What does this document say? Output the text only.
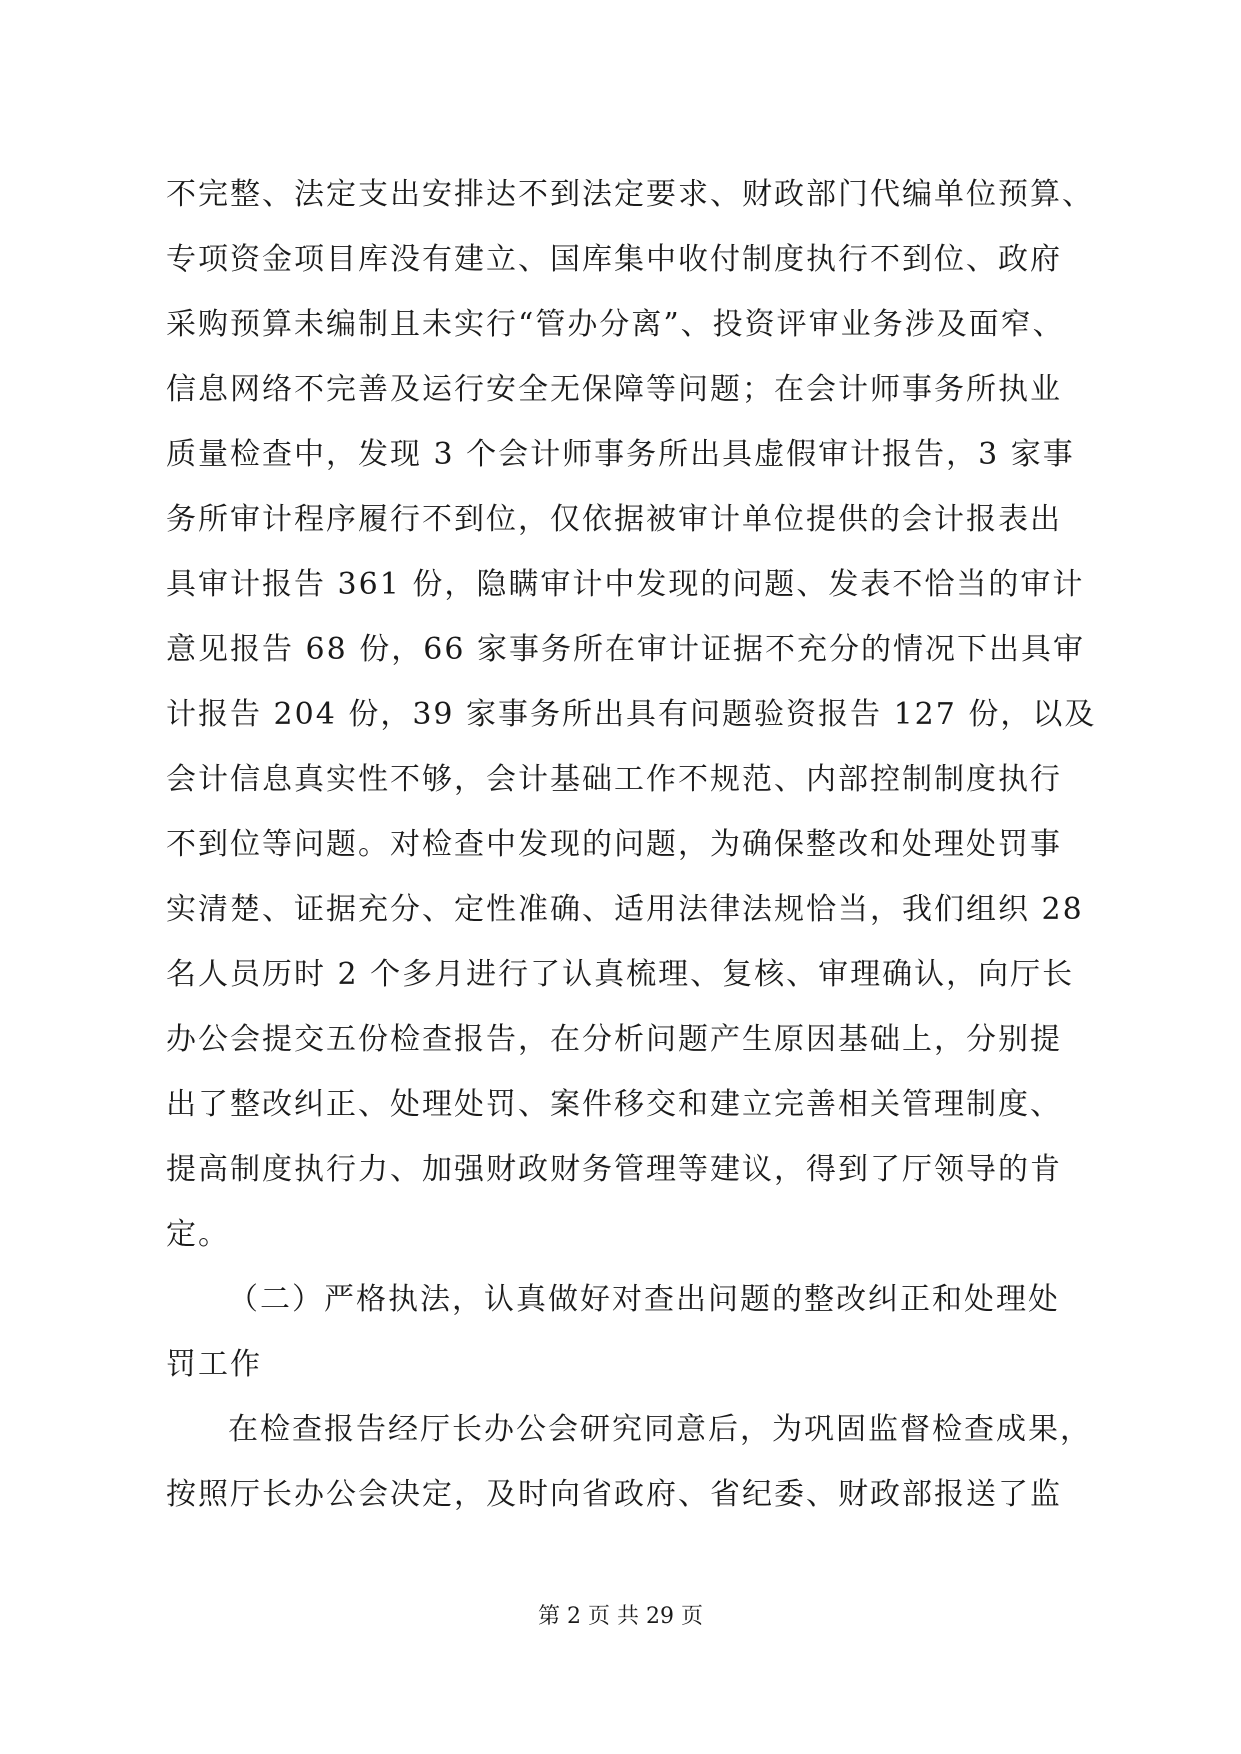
不完整、法定支出安排达不到法定要求、财政部门代编单位预算、
专项资金项目库没有建立、国库集中收付制度执行不到位、政府
采购预算未编制且未实行“管办分离”、投资评审业务涉及面窄、
信息网络不完善及运行安全无保障等问题；在会计师事务所执业
质量检查中，发现 3 个会计师事务所出具虚假审计报告，3 家事
务所审计程序履行不到位，仅依据被审计单位提供的会计报表出
具审计报告 361 份，隐瞒审计中发现的问题、发表不恰当的审计
意见报告 68 份，66 家事务所在审计证据不充分的情况下出具审
计报告 204 份，39 家事务所出具有问题验资报告 127 份，以及
会计信息真实性不够，会计基础工作不规范、内部控制制度执行
不到位等问题。对检查中发现的问题，为确保整改和处理处罚事
实清楚、证据充分、定性准确、适用法律法规恰当，我们组织 28
名人员历时 2 个多月进行了认真梳理、复核、审理确认，向厅长
办公会提交五份检查报告，在分析问题产生原因基础上，分别提
出了整改纠正、处理处罚、案件移交和建立完善相关管理制度、
提高制度执行力、加强财政财务管理等建议，得到了厅领导的肯
定。
（二）严格执法，认真做好对查出问题的整改纠正和处理处
罚工作
在检查报告经厅长办公会研究同意后，为巩固监督检查成果，
按照厅长办公会决定，及时向省政府、省纪委、财政部报送了监
第 2 页 共 29 页
